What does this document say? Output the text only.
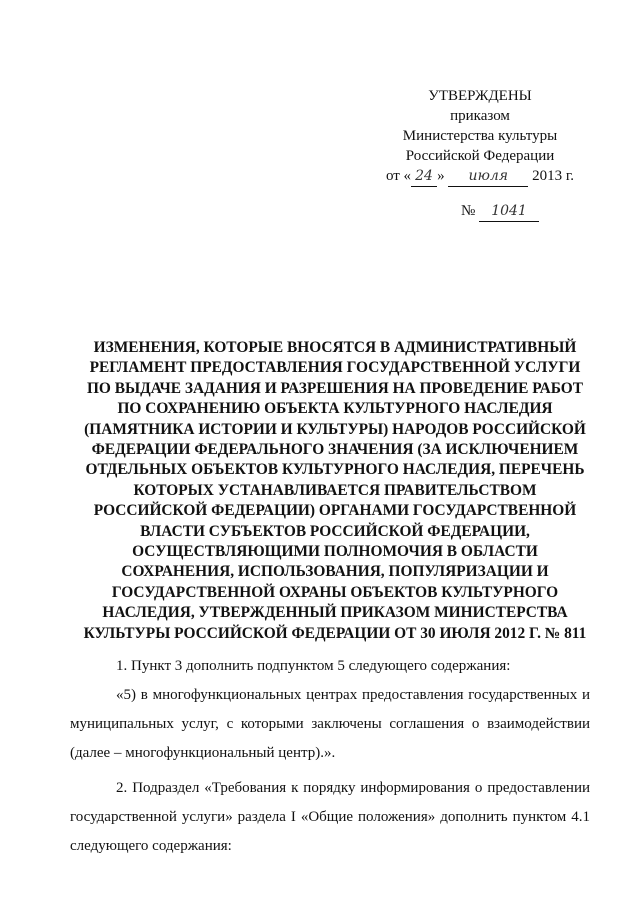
УТВЕРЖДЕНЫ
приказом
Министерства культуры
Российской Федерации
от « 24 » июля 2013 г.
№ 1041
ИЗМЕНЕНИЯ, КОТОРЫЕ ВНОСЯТСЯ В АДМИНИСТРАТИВНЫЙ РЕГЛАМЕНТ ПРЕДОСТАВЛЕНИЯ ГОСУДАРСТВЕННОЙ УСЛУГИ ПО ВЫДАЧЕ ЗАДАНИЯ И РАЗРЕШЕНИЯ НА ПРОВЕДЕНИЕ РАБОТ ПО СОХРАНЕНИЮ ОБЪЕКТА КУЛЬТУРНОГО НАСЛЕДИЯ (ПАМЯТНИКА ИСТОРИИ И КУЛЬТУРЫ) НАРОДОВ РОССИЙСКОЙ ФЕДЕРАЦИИ ФЕДЕРАЛЬНОГО ЗНАЧЕНИЯ (ЗА ИСКЛЮЧЕНИЕМ ОТДЕЛЬНЫХ ОБЪЕКТОВ КУЛЬТУРНОГО НАСЛЕДИЯ, ПЕРЕЧЕНЬ КОТОРЫХ УСТАНАВЛИВАЕТСЯ ПРАВИТЕЛЬСТВОМ РОССИЙСКОЙ ФЕДЕРАЦИИ) ОРГАНАМИ ГОСУДАРСТВЕННОЙ ВЛАСТИ СУБЪЕКТОВ РОССИЙСКОЙ ФЕДЕРАЦИИ, ОСУЩЕСТВЛЯЮЩИМИ ПОЛНОМОЧИЯ В ОБЛАСТИ СОХРАНЕНИЯ, ИСПОЛЬЗОВАНИЯ, ПОПУЛЯРИЗАЦИИ И ГОСУДАРСТВЕННОЙ ОХРАНЫ ОБЪЕКТОВ КУЛЬТУРНОГО НАСЛЕДИЯ, УТВЕРЖДЕННЫЙ ПРИКАЗОМ МИНИСТЕРСТВА КУЛЬТУРЫ РОССИЙСКОЙ ФЕДЕРАЦИИ ОТ 30 ИЮЛЯ 2012 Г. № 811

1. Пункт 3 дополнить подпунктом 5 следующего содержания:

«5) в многофункциональных центрах предоставления государственных и муниципальных услуг, с которыми заключены соглашения о взаимодействии (далее – многофункциональный центр).».

2. Подраздел «Требования к порядку информирования о предоставлении государственной услуги» раздела I «Общие положения» дополнить пунктом 4.1 следующего содержания:
